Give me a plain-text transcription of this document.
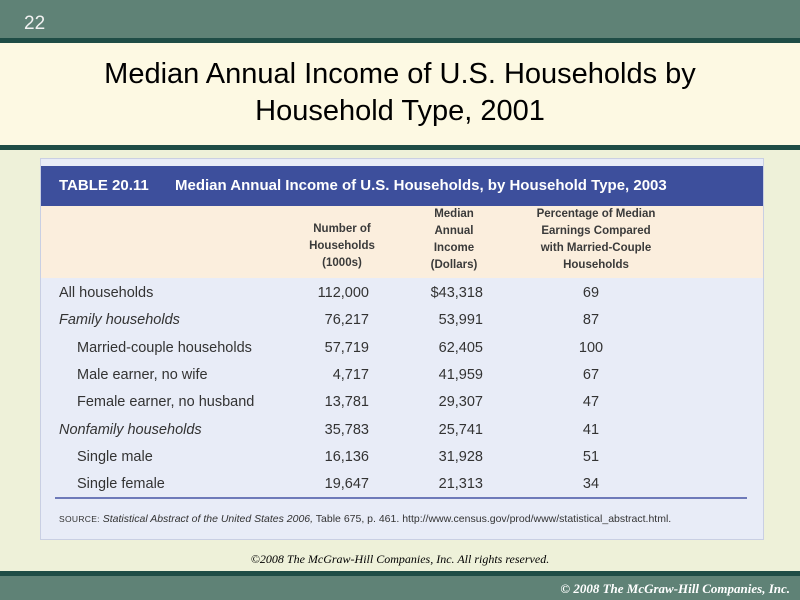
22
Median Annual Income of U.S. Households by
Household Type, 2001
TABLE 20.11 Median Annual Income of U.S. Households, by Household Type, 2003
Number of
Households
(1000s)
Median
Annual
Income
(Dollars)
Percentage of Median
Earnings Compared
with Married-Couple
Households
All households	112,000	$43,318	69
Family households	76,217	53,991	87
Married-couple households	57,719	62,405	100
Male earner, no wife	4,717	41,959	67
Female earner, no husband	13,781	29,307	47
Nonfamily households	35,783	25,741	41
Single male	16,136	31,928	51
Single female	19,647	21,313	34
SOURCE: Statistical Abstract of the United States 2006, Table 675, p. 461. http://www.census.gov/prod/www/statistical_abstract.html.
©2008 The McGraw-Hill Companies, Inc. All rights reserved.
© 2008 The McGraw-Hill Companies, Inc.
